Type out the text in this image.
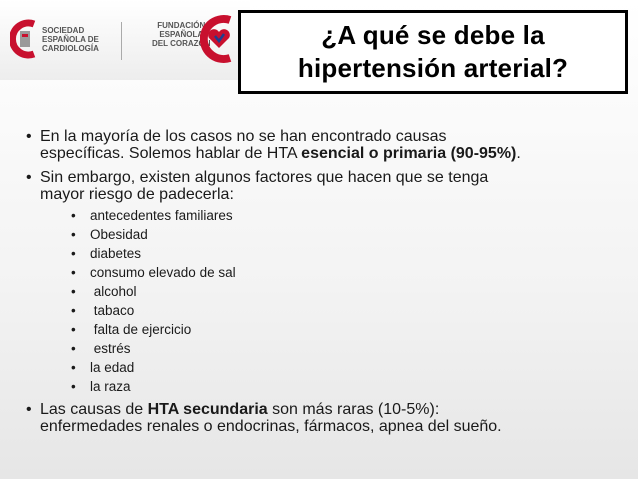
SOCIEDAD
ESPAÑOLA DE
CARDIOLOGÍA
FUNDACIÓN
ESPAÑOLA
DEL CORAZÓN	¿A qué se debe la
hipertensión arterial?
• En la mayoría de los casos no se han encontrado causas
específicas. Solemos hablar de HTA esencial o primaria (90-95%).
• Sin embargo, existen algunos factores que hacen que se tenga
mayor riesgo de padecerla:
• antecedentes familiares
• Obesidad
• diabetes
• consumo elevado de sal
• alcohol
• tabaco
• falta de ejercicio
• estrés
• la edad
• la raza
• Las causas de HTA secundaria son más raras (10-5%):
enfermedades renales o endocrinas, fármacos, apnea del sueño.
